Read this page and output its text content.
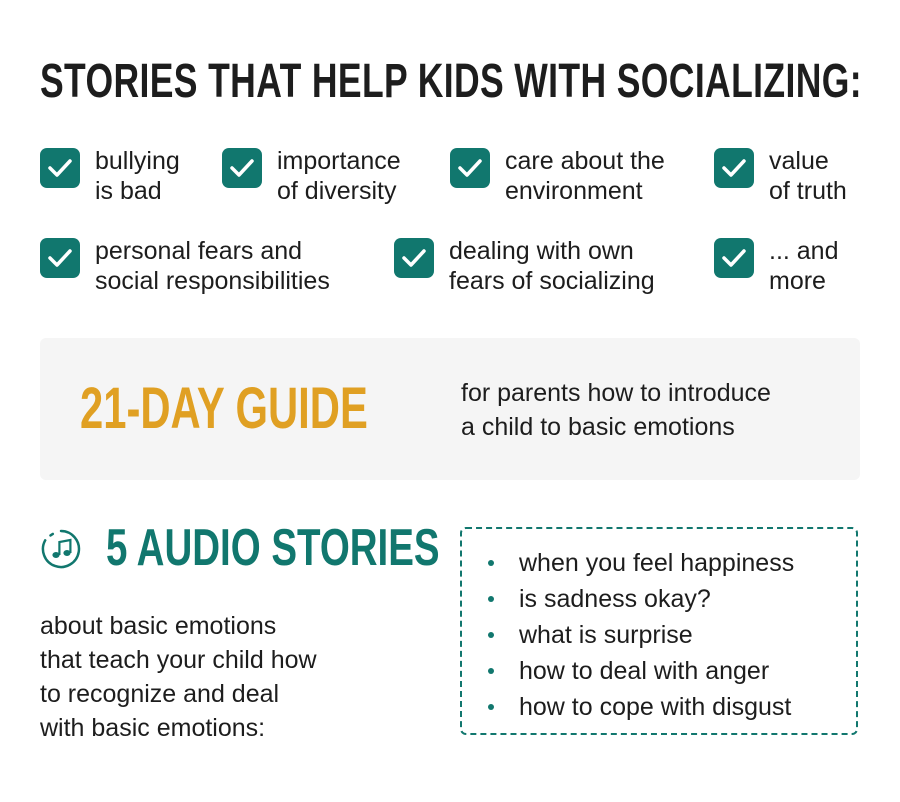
STORIES THAT HELP KIDS WITH SOCIALIZING:
bullying
is bad
importance
of diversity
care about the
environment
value
of truth
personal fears and
social responsibilities
dealing with own
fears of socializing
... and
more
21-DAY GUIDE	for parents how to introduce
a child to basic emotions
5 AUDIO STORIES
about basic emotions
that teach your child how
to recognize and deal
with basic emotions:
when you feel happiness
is sadness okay?
what is surprise
how to deal with anger
how to cope with disgust
